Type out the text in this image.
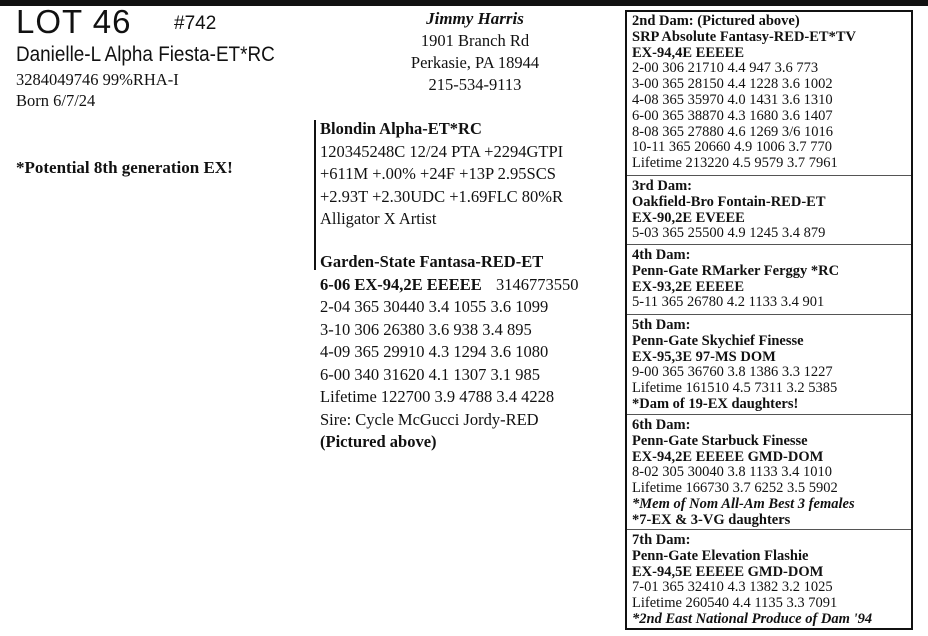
LOT 46 #742
Danielle-L Alpha Fiesta-ET*RC
3284049746 99%RHA-I
Born 6/7/24
*Potential 8th generation EX!
Jimmy Harris
1901 Branch Rd
Perkasie, PA 18944
215-534-9113
Blondin Alpha-ET*RC
120345248C 12/24 PTA +2294GTPI
+611M +.00% +24F +13P 2.95SCS
+2.93T +2.30UDC +1.69FLC 80%R
Alligator X Artist
Garden-State Fantasa-RED-ET
6-06 EX-94,2E EEEEE 3146773550
2-04 365 30440 3.4 1055 3.6 1099
3-10 306 26380 3.6 938 3.4 895
4-09 365 29910 4.3 1294 3.6 1080
6-00 340 31620 4.1 1307 3.1 985
Lifetime 122700 3.9 4788 3.4 4228
Sire: Cycle McGucci Jordy-RED
(Pictured above)
2nd Dam: (Pictured above)
SRP Absolute Fantasy-RED-ET*TV
EX-94,4E EEEEE
2-00 306 21710 4.4 947 3.6 773
3-00 365 28150 4.4 1228 3.6 1002
4-08 365 35970 4.0 1431 3.6 1310
6-00 365 38870 4.3 1680 3.6 1407
8-08 365 27880 4.6 1269 3/6 1016
10-11 365 20660 4.9 1006 3.7 770
Lifetime 213220 4.5 9579 3.7 7961
3rd Dam:
Oakfield-Bro Fontain-RED-ET
EX-90,2E EVEEE
5-03 365 25500 4.9 1245 3.4 879
4th Dam:
Penn-Gate RMarker Ferggy *RC
EX-93,2E EEEEE
5-11 365 26780 4.2 1133 3.4 901
5th Dam:
Penn-Gate Skychief Finesse
EX-95,3E 97-MS DOM
9-00 365 36760 3.8 1386 3.3 1227
Lifetime 161510 4.5 7311 3.2 5385
*Dam of 19-EX daughters!
6th Dam:
Penn-Gate Starbuck Finesse
EX-94,2E EEEEE GMD-DOM
8-02 305 30040 3.8 1133 3.4 1010
Lifetime 166730 3.7 6252 3.5 5902
*Mem of Nom All-Am Best 3 females
*7-EX & 3-VG daughters
7th Dam:
Penn-Gate Elevation Flashie
EX-94,5E EEEEE GMD-DOM
7-01 365 32410 4.3 1382 3.2 1025
Lifetime 260540 4.4 1135 3.3 7091
*2nd East National Produce of Dam '94
